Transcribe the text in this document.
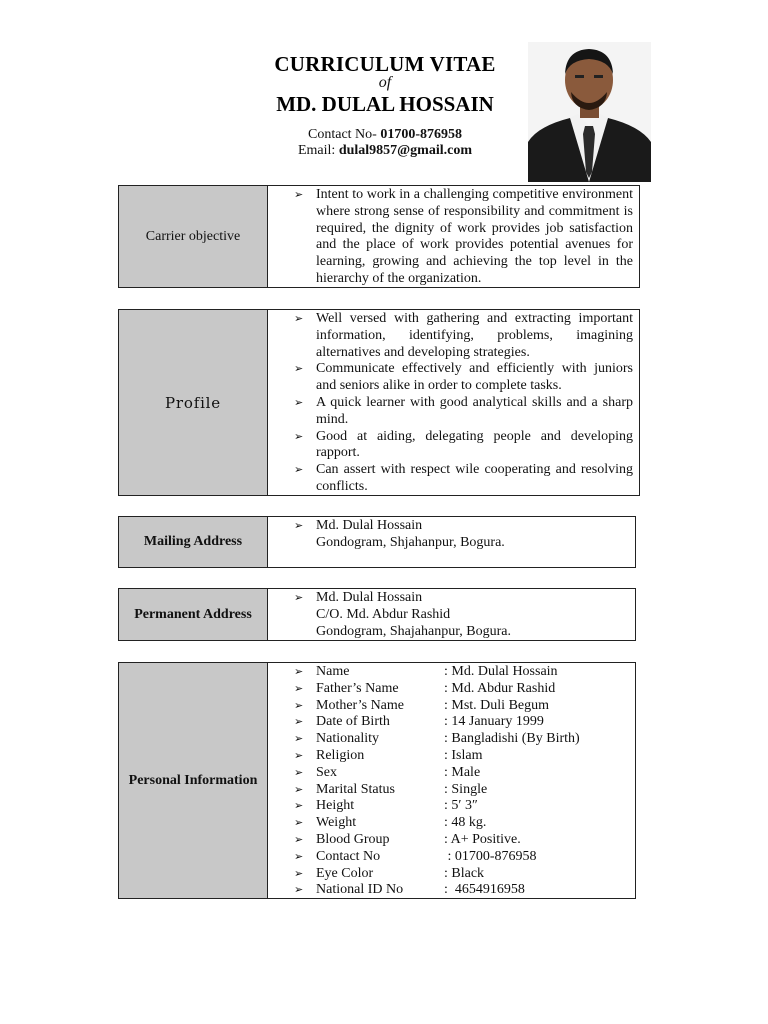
CURRICULUM VITAE
of
MD. DULAL HOSSAIN
Contact No- 01700-876958
Email: dulal9857@gmail.com
Carrier objective
➢ Intent to work in a challenging competitive environment where strong sense of responsibility and commitment is required, the dignity of work provides job satisfaction and the place of work provides potential avenues for learning, growing and achieving the top level in the hierarchy of the organization.
Profile
➢ Well versed with gathering and extracting important information, identifying, problems, imagining alternatives and developing strategies.
➢ Communicate effectively and efficiently with juniors and seniors alike in order to complete tasks.
➢ A quick learner with good analytical skills and a sharp mind.
➢ Good at aiding, delegating people and developing rapport.
➢ Can assert with respect wile cooperating and resolving conflicts.
Mailing Address
➢ Md. Dulal Hossain
Gondogram, Shjahanpur, Bogura.
Permanent Address
➢ Md. Dulal Hossain
C/O. Md. Abdur Rashid
Gondogram, Shajahanpur, Bogura.
Personal Information
➢ Name	: Md. Dulal Hossain
➢ Father’s Name	: Md. Abdur Rashid
➢ Mother’s Name	: Mst. Duli Begum
➢ Date of Birth	: 14 January 1999
➢ Nationality	: Bangladishi (By Birth)
➢ Religion	: Islam
➢ Sex	: Male
➢ Marital Status	: Single
➢ Height	: 5′ 3″
➢ Weight	: 48 kg.
➢ Blood Group	: A+ Positive.
➢ Contact No	: 01700-876958
➢ Eye Color	: Black
➢ National ID No	:  4654916958
